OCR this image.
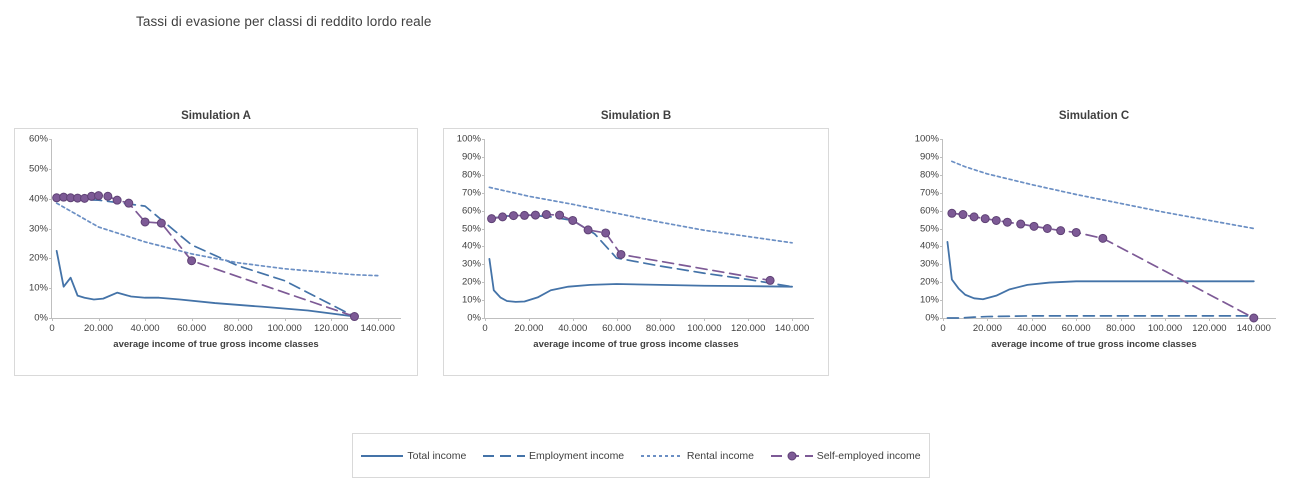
Tassi di evasione per classi di reddito lordo reale
Simulation A
0%
10%
20%
30%
40%
50%
60%
0	20.000 40.000 60.000 80.000 100.000 120.000 140.000
average income of true gross income classes
Simulation B
0%
10%
20%
30%
40%
50%
60%
70%
80%
90%
100%
0	20.000 40.000 60.000 80.000 100.000 120.000 140.000
average income of true gross income classes
Simulation C
0%
10%
20%
30%
40%
50%
60%
70%
80%
90%
100%
0	20.000 40.000 60.000 80.000 100.000 120.000 140.000
average income of true gross income classes
Total income	Employment income	Rental income	Self-employed income
